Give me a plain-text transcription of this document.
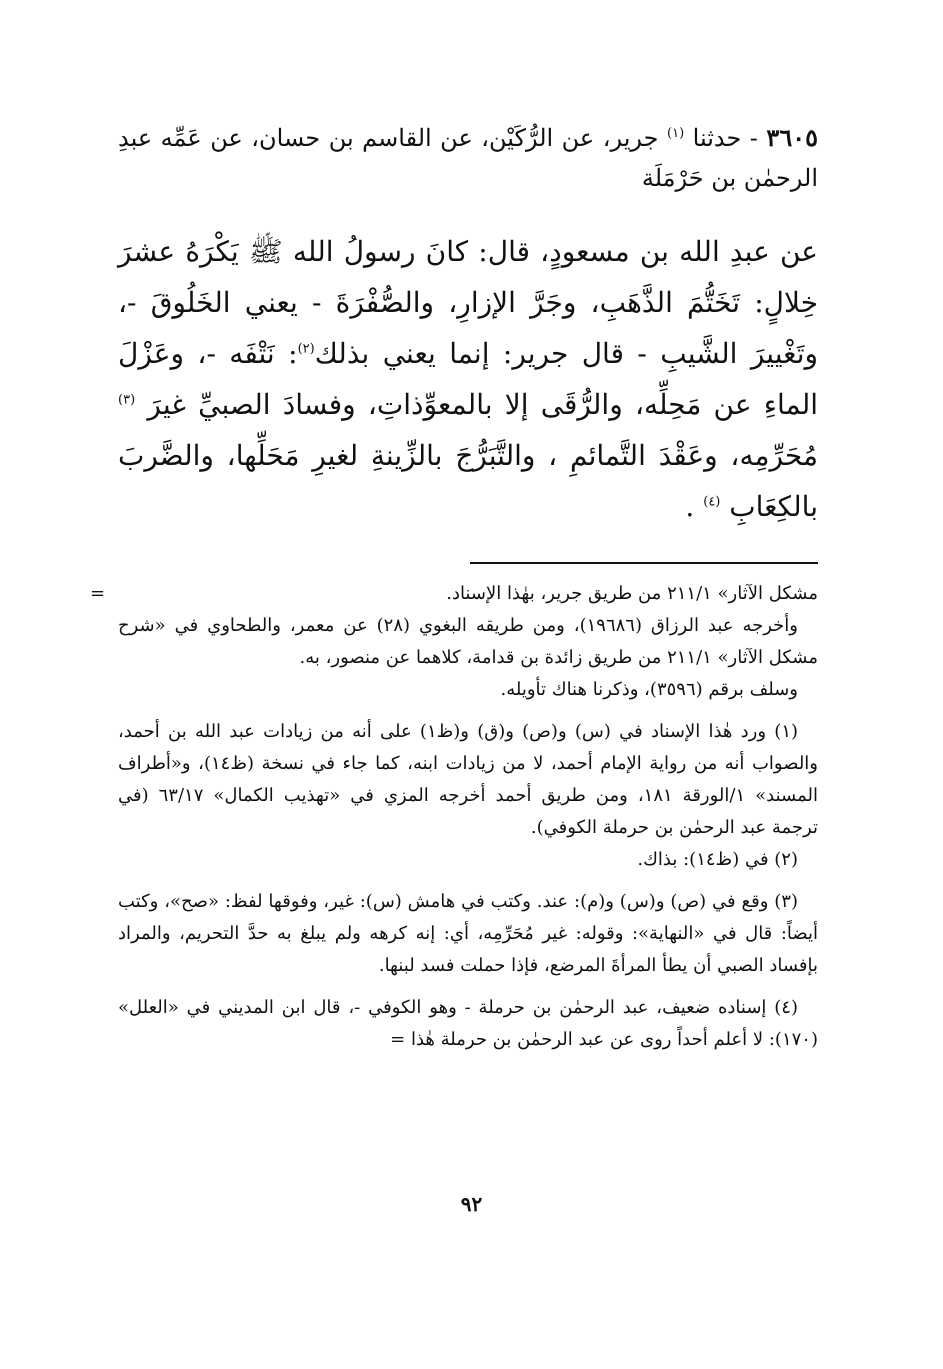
٣٦٠٥ - حدثنا $^{(١)}$ جرير، عن الرُّكَيْن، عن القاسم بن حسان، عن عَمِّه عبدِ الرحمٰن بن حَرْمَلَة

عن عبدِ الله بن مسعودٍ، قال: كانَ رسولُ الله ﷺ يَكْرَهُ عشرَ خِلالٍ: تَخَتُّمَ الذَّهَبِ، وجَرَّ الإزارِ، والصُّفْرَةَ - يعني الخَلُوقَ -، وتَغْييرَ الشَّيبِ - قال جرير: إنما يعني بذلك$^{(٢)}$: نَتْفَه -، وعَزْلَ الماءِ عن مَحِلِّه، والرُّقَى إلا بالمعوِّذاتِ، وفسادَ الصبيِّ غيرَ $^{(٣)}$ مُحَرِّمِه، وعَقْدَ التَّمائمِ ، والتَّبَرُّجَ بالزِّينةِ لغيرِ مَحَلِّها، والضَّربَ بالكِعَابِ $^{(٤)}$ .

=	مشكل الآثار» ٢١١/١ من طريق جرير، بهٰذا الإسناد.

وأخرجه عبد الرزاق (١٩٦٨٦)، ومن طريقه البغوي (٢٨) عن معمر، والطحاوي في «شرح مشكل الآثار» ٢١١/١ من طريق زائدة بن قدامة، كلاهما عن منصور، به.

وسلف برقم (٣٥٩٦)، وذكرنا هناك تأويله.

(١) ورد هٰذا الإسناد في (س) و(ص) و(ق) و(ظ١) على أنه من زيادات عبد الله بن أحمد، والصواب أنه من رواية الإمام أحمد، لا من زيادات ابنه، كما جاء في نسخة (ظ١٤)، و«أطراف المسند» ١/الورقة ١٨١، ومن طريق أحمد أخرجه المزي في «تهذيب الكمال» ٦٣/١٧ (في ترجمة عبد الرحمٰن بن حرملة الكوفي).

(٢) في (ظ١٤): بذاك.

(٣) وقع في (ص) و(س) و(م): عند. وكتب في هامش (س): غير، وفوقها لفظ: «صح»، وكتب أيضاً: قال في «النهاية»: وقوله: غير مُحَرِّمِه، أي: إنه كرهه ولم يبلغ به حدَّ التحريم، والمراد بإفساد الصبي أن يطأ المرأةَ المرضع، فإذا حملت فسد لبنها.

(٤) إسناده ضعيف، عبد الرحمٰن بن حرملة - وهو الكوفي -، قال ابن المديني في «العلل» (١٧٠): لا أعلم أحداً روى عن عبد الرحمٰن بن حرملة هٰذا =

٩٢
